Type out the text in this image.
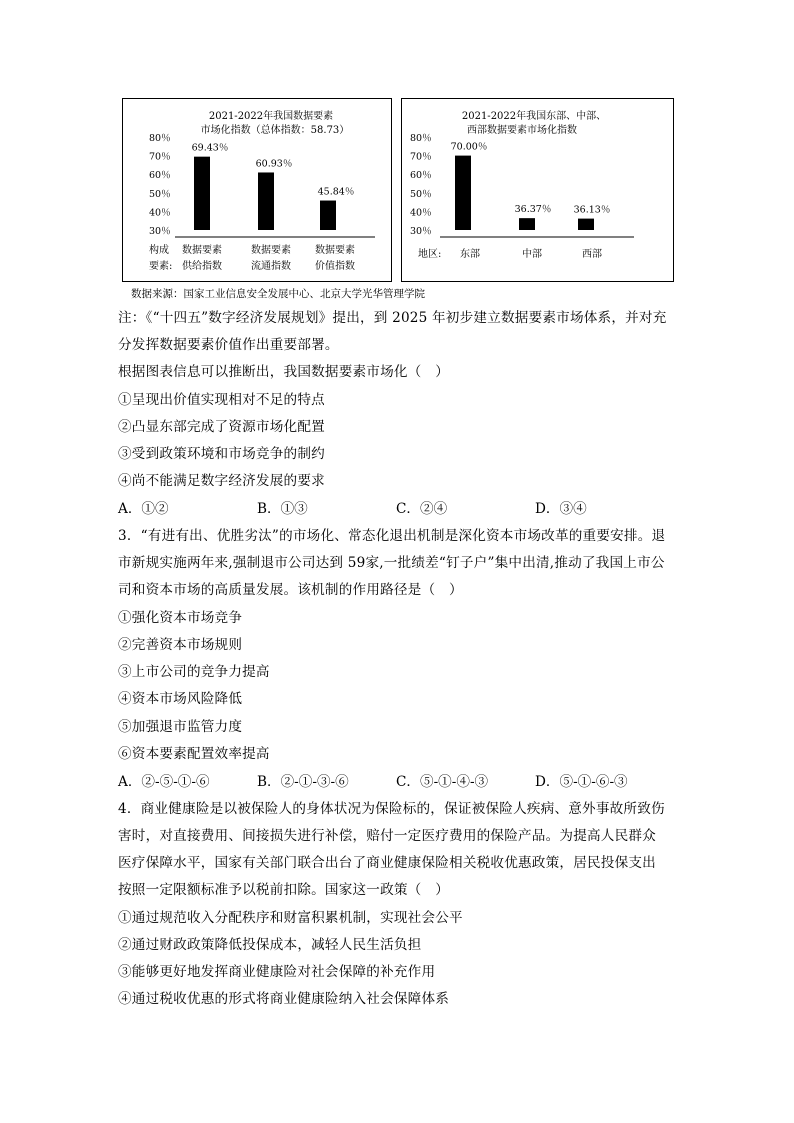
2021-2022年我国数据要素
市场化指数（总体指数：58.73）
80％
70％
60％
50％
40％
30％
69.43％
60.93％
45.84％
构成
要素:
数据要素	数据要素 数据要素
供给指数	流通指数 价值指数
2021-2022年我国东部、中部、
西部数据要素市场化指数
80％
70％
60％
50％
40％
30％
70.00％
36.37％ 36.13％
地区: 东部	中部	西部
数据来源：国家工业信息安全发展中心、北京大学光华管理学院
注：《“十四五”数字经济发展规划》提出，到 2025 年初步建立数据要素市场体系，并对充
分发挥数据要素价值作出重要部署。
根据图表信息可以推断出，我国数据要素市场化（　）
①呈现出价值实现相对不足的特点
②凸显东部完成了资源市场化配置
③受到政策环境和市场竞争的制约
④尚不能满足数字经济发展的要求
A．①②	B．①③	C．②④	D．③④
3．“有进有出、优胜劣汰”的市场化、常态化退出机制是深化资本市场改革的重要安排。退
市新规实施两年来,强制退市公司达到 59家,一批绩差“钉子户”集中出清,推动了我国上市公
司和资本市场的高质量发展。该机制的作用路径是（　）
①强化资本市场竞争
②完善资本市场规则
③上市公司的竞争力提高
④资本市场风险降低
⑤加强退市监管力度
⑥资本要素配置效率提高
A．②-⑤-①-⑥	B．②-①-③-⑥	C．⑤-①-④-③	D．⑤-①-⑥-③
4．商业健康险是以被保险人的身体状况为保险标的，保证被保险人疾病、意外事故所致伤
害时，对直接费用、间接损失进行补偿，赔付一定医疗费用的保险产品。为提高人民群众
医疗保障水平，国家有关部门联合出台了商业健康保险相关税收优惠政策，居民投保支出
按照一定限额标准予以税前扣除。国家这一政策（　）
①通过规范收入分配秩序和财富积累机制，实现社会公平
②通过财政政策降低投保成本，减轻人民生活负担
③能够更好地发挥商业健康险对社会保障的补充作用
④通过税收优惠的形式将商业健康险纳入社会保障体系
